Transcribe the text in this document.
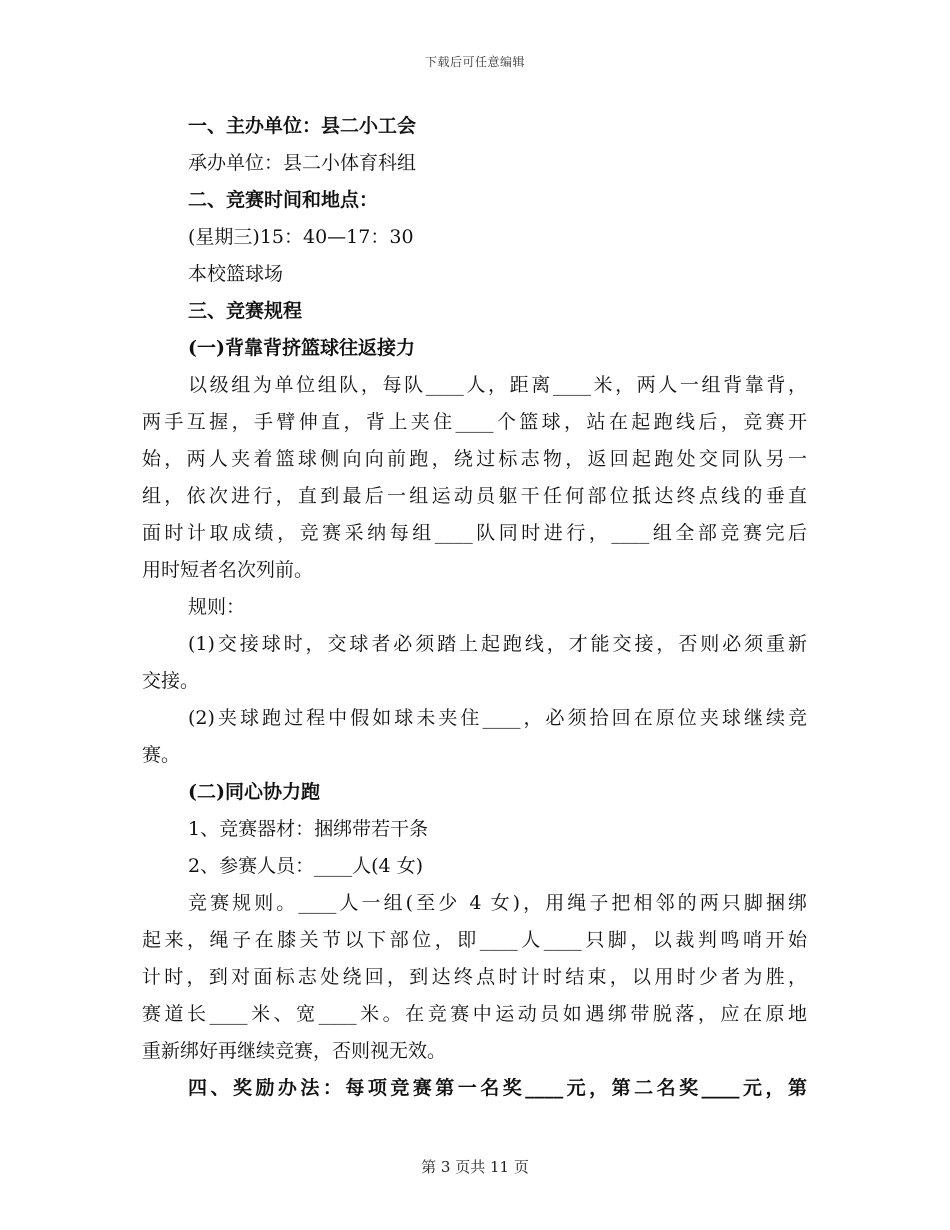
下载后可任意编辑

一、主办单位：县二小工会

承办单位：县二小体育科组

二、竞赛时间和地点：

(星期三)15：40—17：30

本校篮球场

三、竞赛规程

(一)背靠背挤篮球往返接力

以级组为单位组队，每队____人，距离____米，两人一组背靠背，

两手互握，手臂伸直，背上夹住____个篮球，站在起跑线后，竞赛开

始，两人夹着篮球侧向向前跑，绕过标志物，返回起跑处交同队另一

组，依次进行，直到最后一组运动员躯干任何部位抵达终点线的垂直

面时计取成绩，竞赛采纳每组____队同时进行，____组全部竞赛完后

用时短者名次列前。

规则：

(1)交接球时，交球者必须踏上起跑线，才能交接，否则必须重新

交接。

(2)夹球跑过程中假如球未夹住____，必须拾回在原位夹球继续竞

赛。

(二)同心协力跑

1、竞赛器材：捆绑带若干条

2、参赛人员：____人(4 女)

竞赛规则。____人一组(至少 4 女)，用绳子把相邻的两只脚捆绑

起来，绳子在膝关节以下部位，即____人____只脚，以裁判鸣哨开始

计时，到对面标志处绕回，到达终点时计时结束，以用时少者为胜，

赛道长____米、宽____米。在竞赛中运动员如遇绑带脱落，应在原地

重新绑好再继续竞赛，否则视无效。

四、奖励办法：每项竞赛第一名奖____元，第二名奖____元，第

第 3 页共 11 页
